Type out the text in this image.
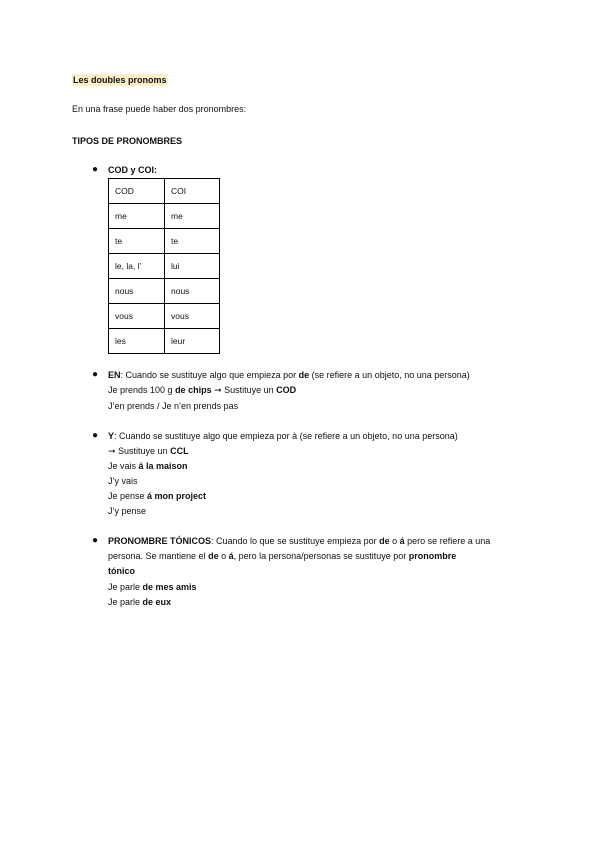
Les doubles pronoms
En una frase puede haber dos pronombres:
TIPOS DE PRONOMBRES
● COD y COI:
COD	COI
me	me
te	te
le, la, l’	lui
nous	nous
vous	vous
les	leur
● EN: Cuando se sustituye algo que empieza por de (se refiere a un objeto, no una persona)
Je prends 100 g de chips ➞ Sustituye un COD
J’en prends / Je n’en prends pas
● Y: Cuando se sustituye algo que empieza por à (se refiere a un objeto, no una persona)
➞ Sustituye un CCL
Je vais á la maison
J’y vais
Je pense á mon project
J’y pense
● PRONOMBRE TÓNICOS: Cuando lo que se sustituye empieza por de o á pero se refiere a una
persona. Se mantiene el de o á, pero la persona/personas se sustituye por pronombre
tónico
Je parle de mes amis
Je parle de eux
